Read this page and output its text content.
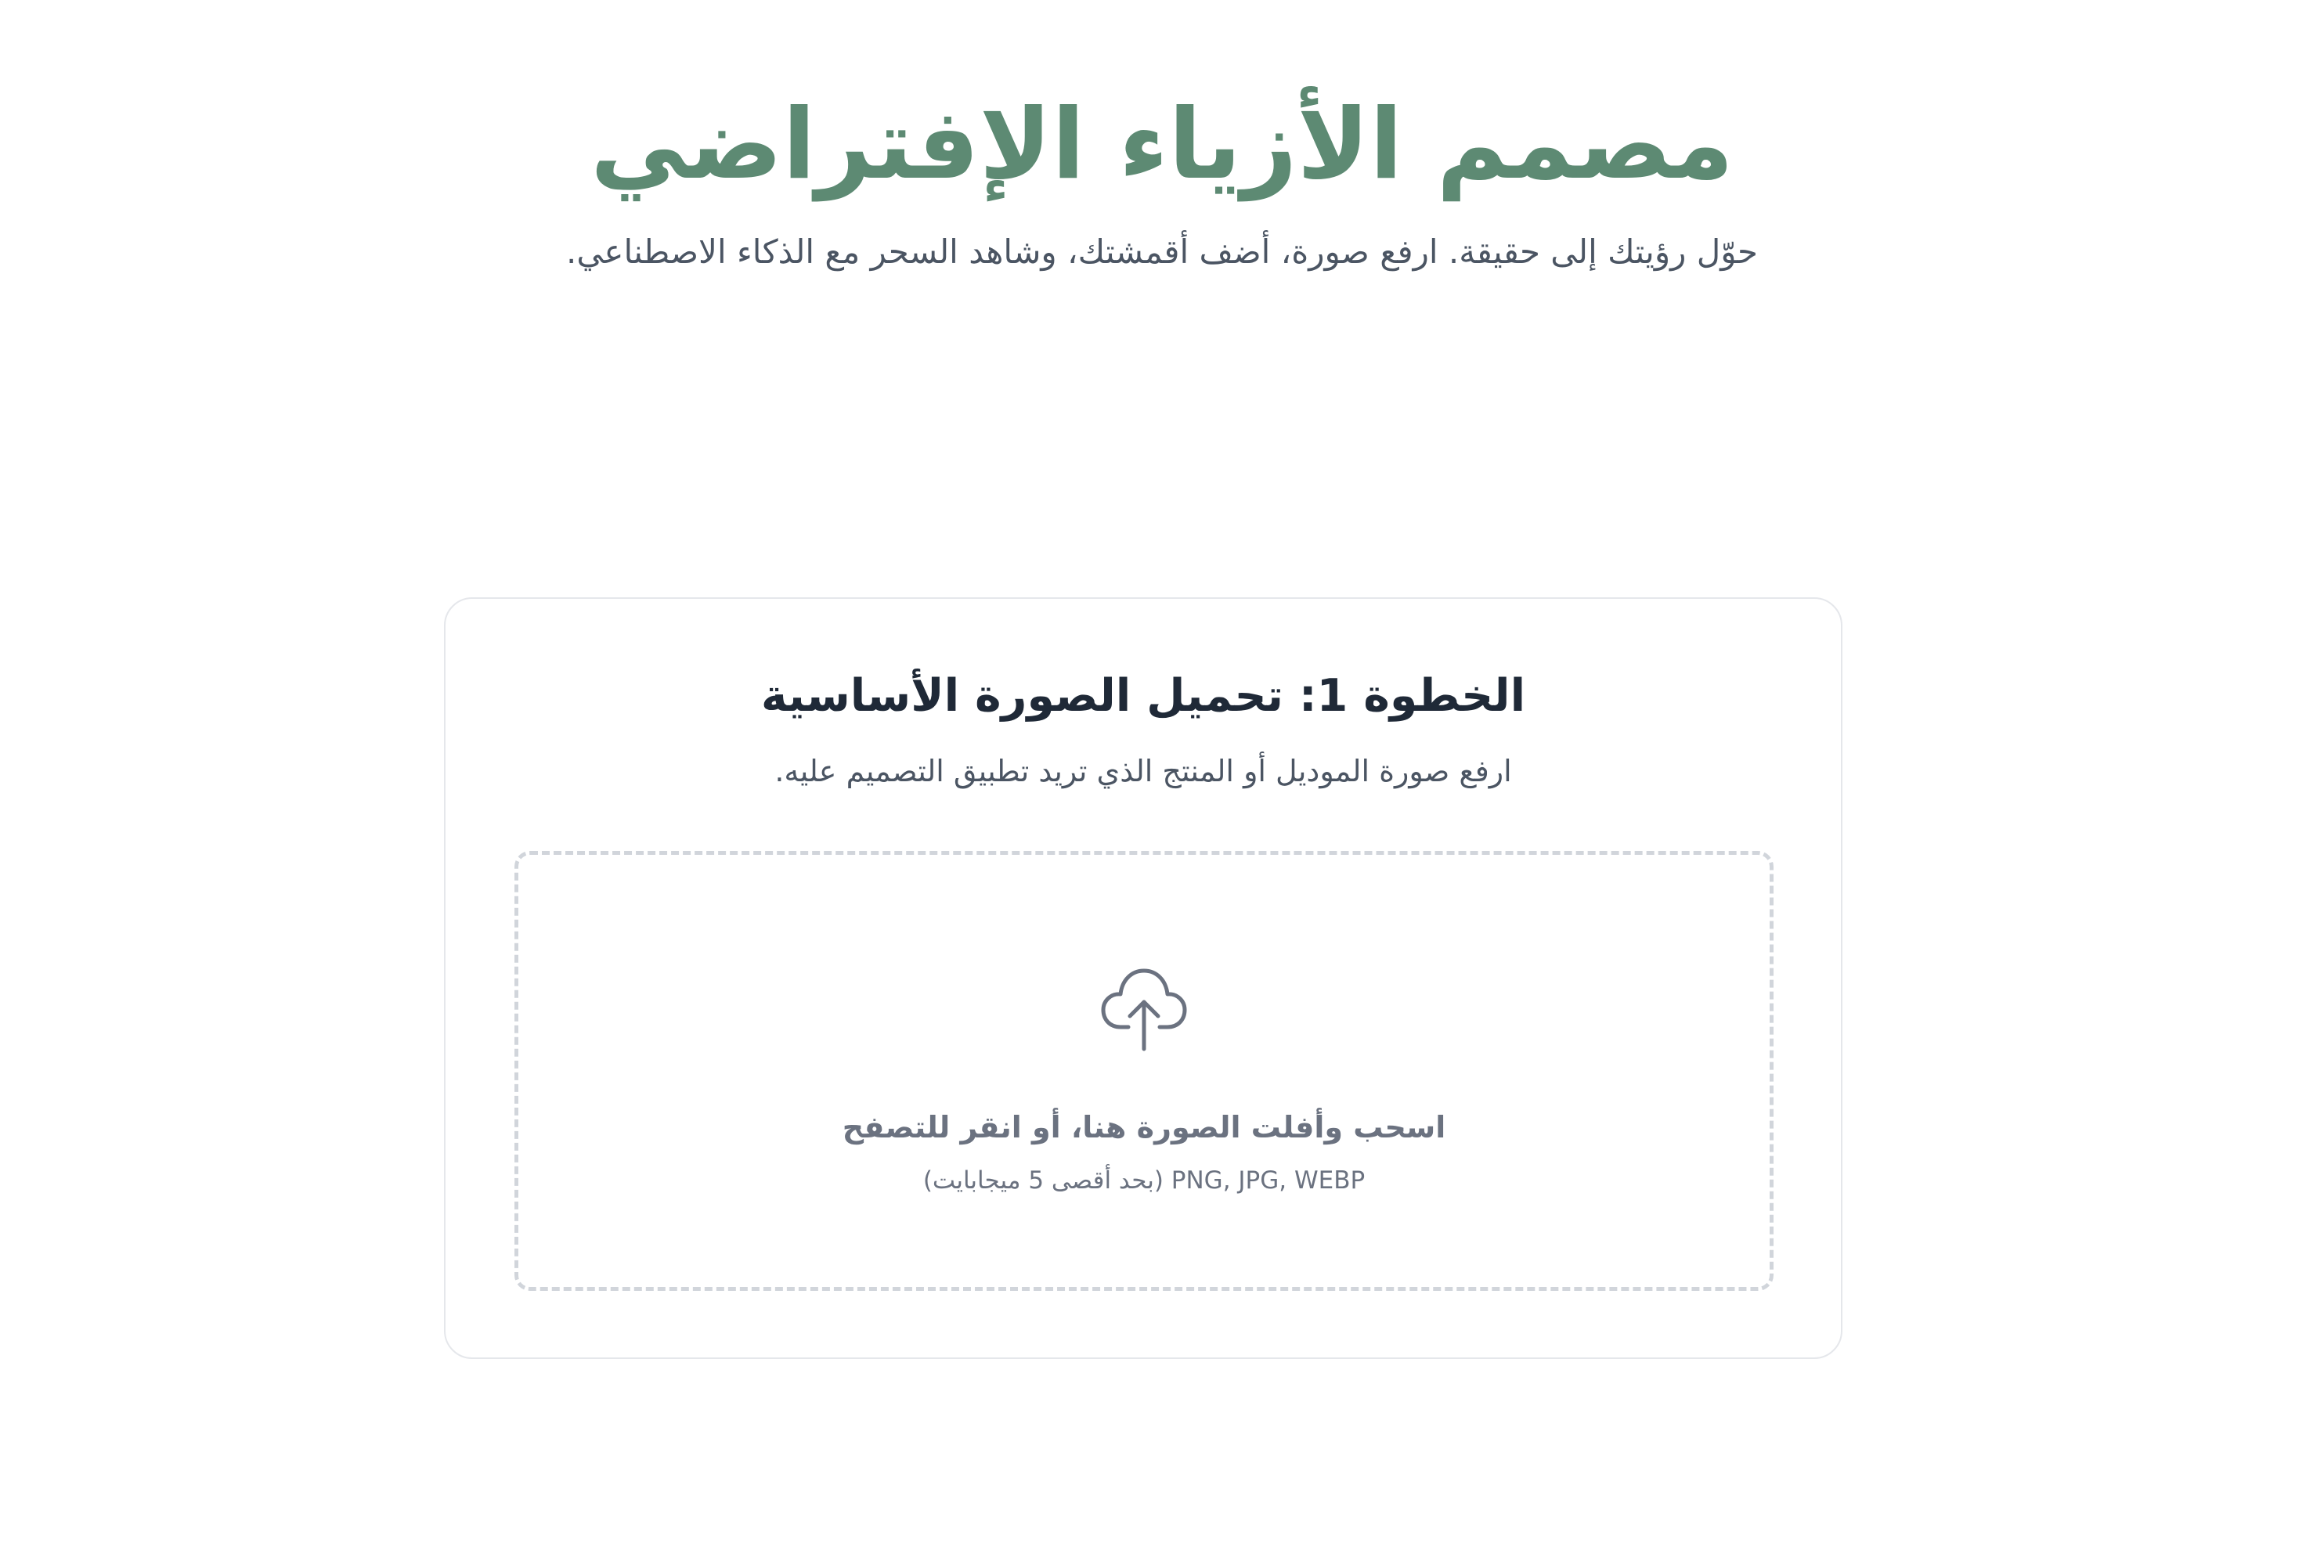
مصمم الأزياء الإفتراضي

حوّل رؤيتك إلى حقيقة. ارفع صورة، أضف أقمشتك، وشاهد السحر مع الذكاء الاصطناعي.

الخطوة 1: تحميل الصورة الأساسية

ارفع صورة الموديل أو المنتج الذي تريد تطبيق التصميم عليه.

اسحب وأفلت الصورة هنا، أو انقر للتصفح

PNG, JPG, WEBP (بحد أقصى 5 ميجابايت)
